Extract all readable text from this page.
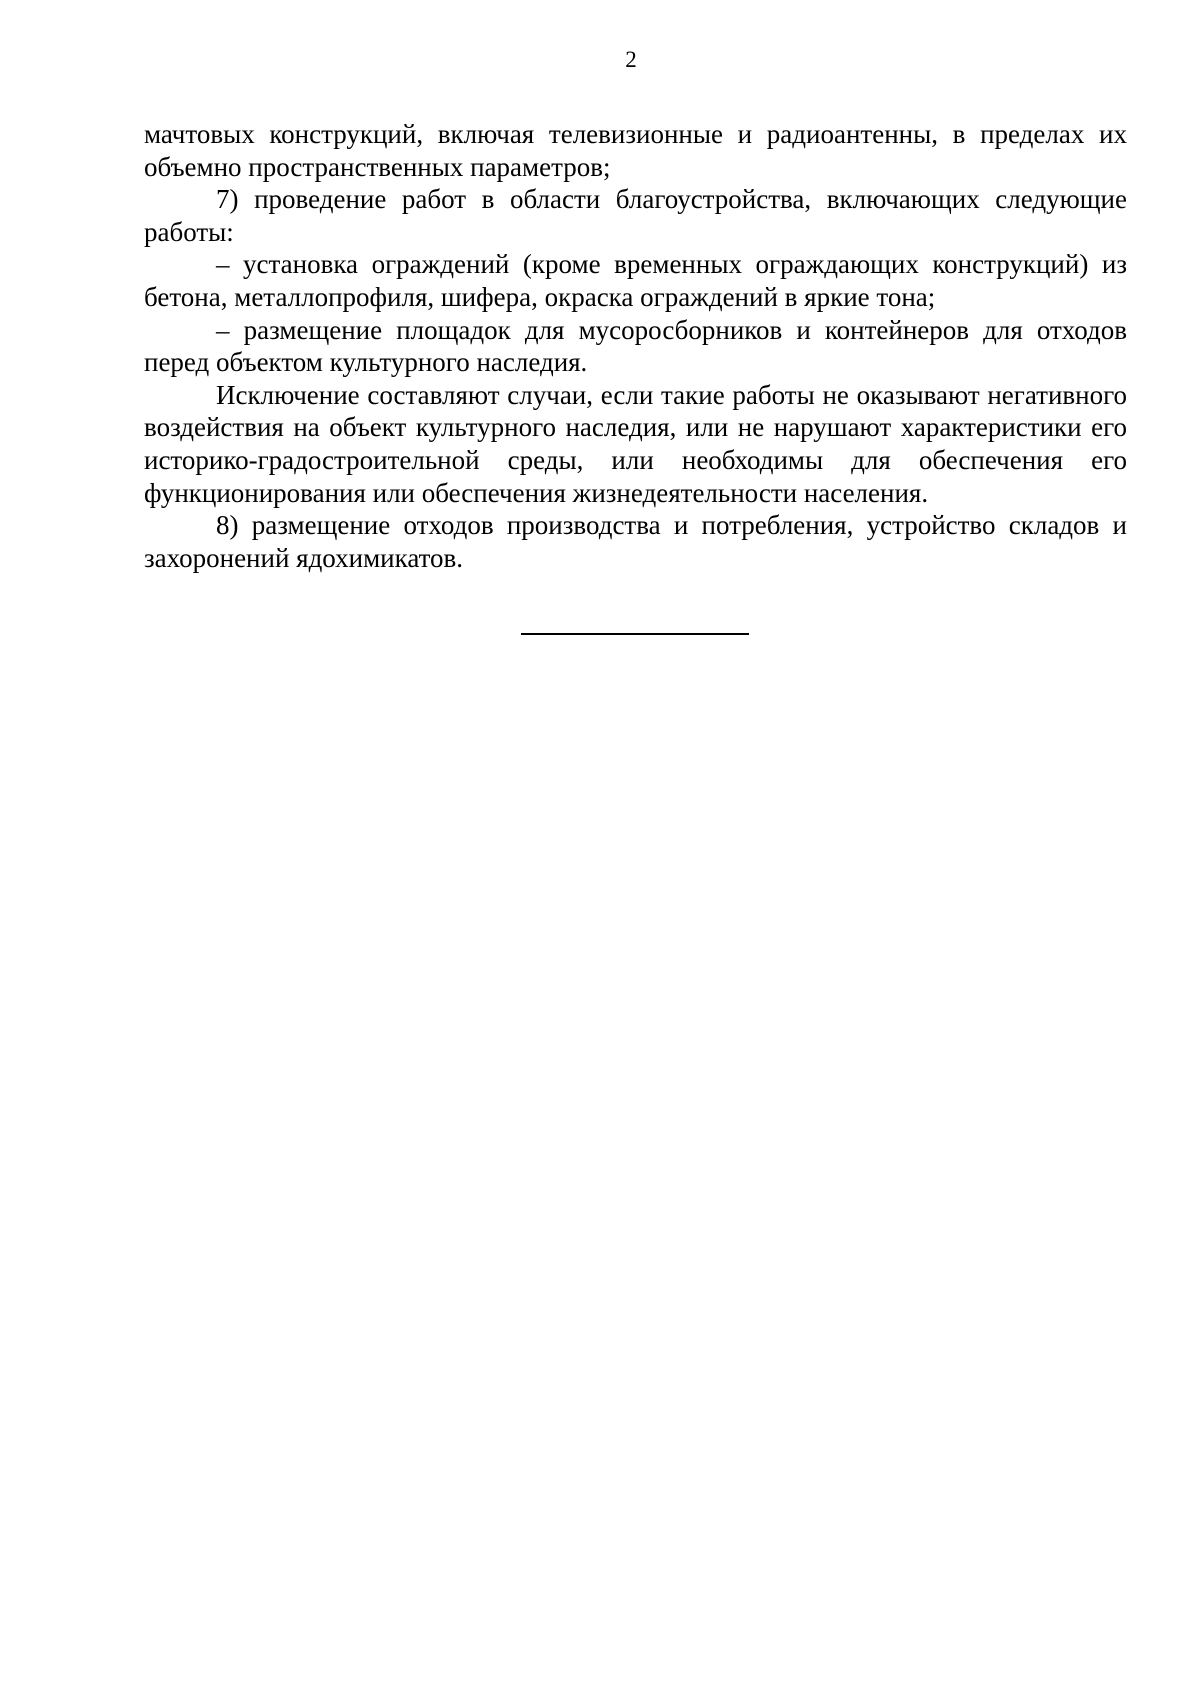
2

мачтовых конструкций, включая телевизионные и радиоантенны, в пределах их объемно пространственных параметров;

7) проведение работ в области благоустройства, включающих следующие работы:

– установка ограждений (кроме временных ограждающих конструкций) из бетона, металлопрофиля, шифера, окраска ограждений в яркие тона;

– размещение площадок для мусоросборников и контейнеров для отходов перед объектом культурного наследия.

Исключение составляют случаи, если такие работы не оказывают негативного воздействия на объект культурного наследия, или не нарушают характеристики его историко-градостроительной среды, или необходимы для обеспечения его функционирования или обеспечения жизнедеятельности населения.

8) размещение отходов производства и потребления, устройство складов и захоронений ядохимикатов.
